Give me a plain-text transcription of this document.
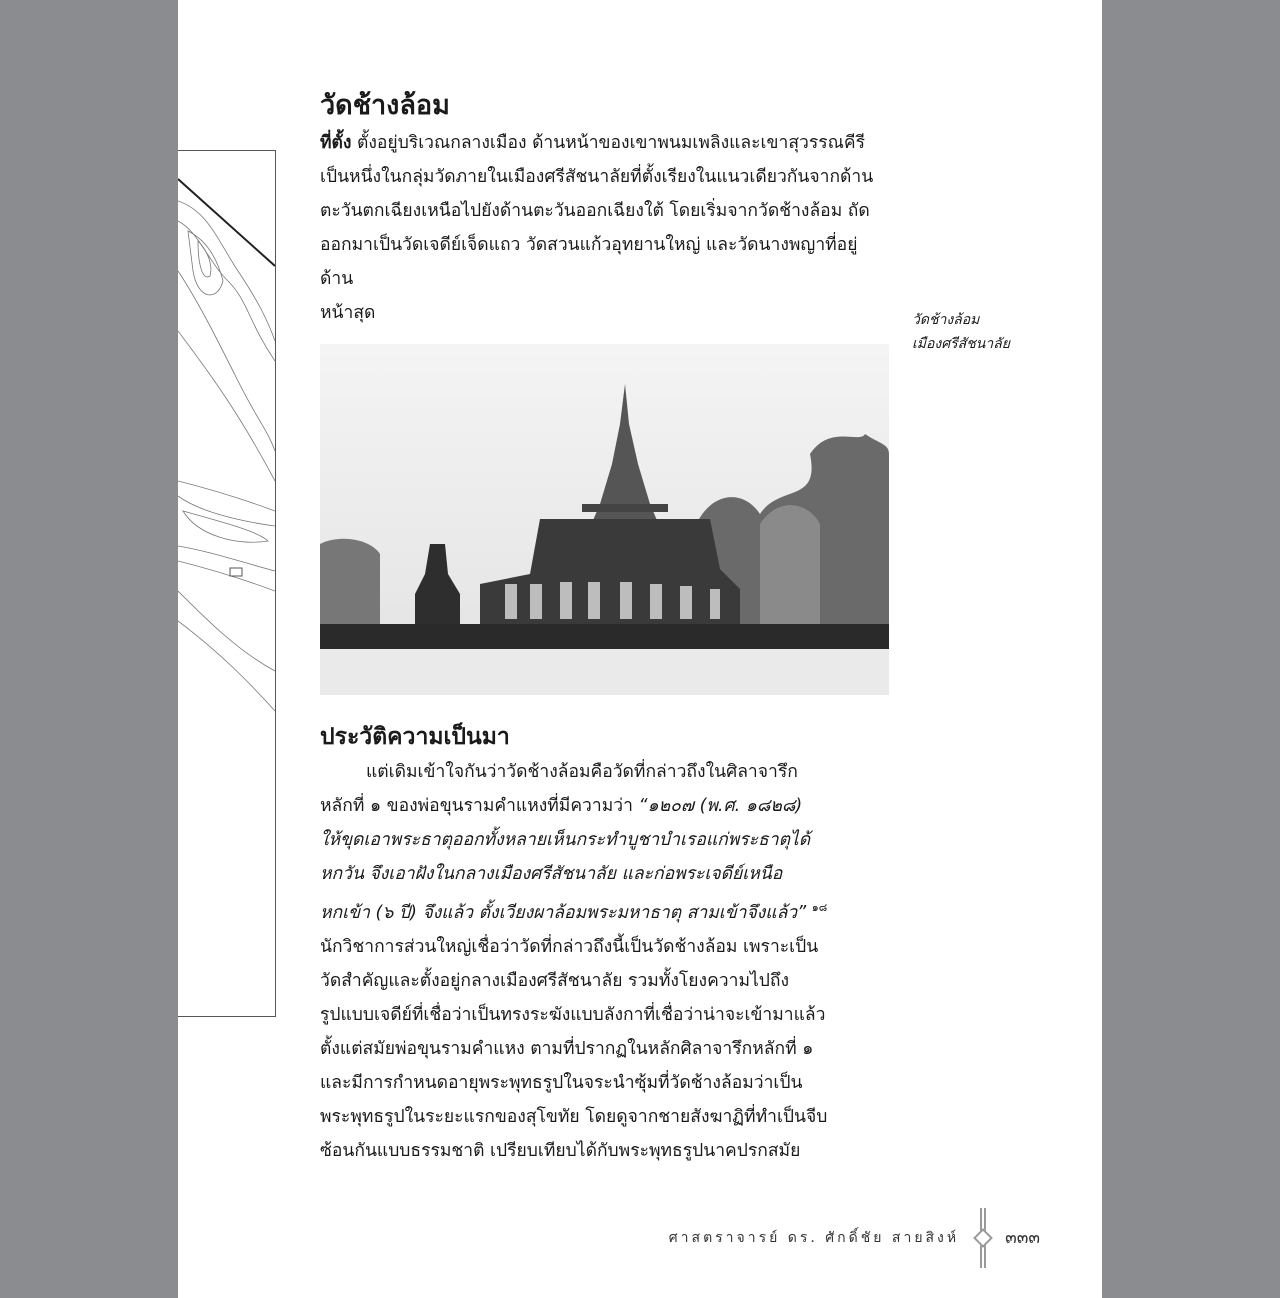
วัดช้างล้อม
ที่ตั้ง ตั้งอยู่บริเวณกลางเมือง ด้านหน้าของเขาพนมเพลิงและเขาสุวรรณคีรี
เป็นหนึ่งในกลุ่มวัดภายในเมืองศรีสัชนาลัยที่ตั้งเรียงในแนวเดียวกันจากด้าน
ตะวันตกเฉียงเหนือไปยังด้านตะวันออกเฉียงใต้ โดยเริ่มจากวัดช้างล้อม ถัด
ออกมาเป็นวัดเจดีย์เจ็ดแถว วัดสวนแก้วอุทยานใหญ่ และวัดนางพญาที่อยู่ด้าน
หน้าสุด
ประวัติความเป็นมา
แต่เดิมเข้าใจกันว่าวัดช้างล้อมคือวัดที่กล่าวถึงในศิลาจารึก
หลักที่ ๑ ของพ่อขุนรามคำแหงที่มีความว่า “๑๒๐๗ (พ.ศ. ๑๘๒๘)
ให้ขุดเอาพระธาตุออกทั้งหลายเห็นกระทำบูชาบำเรอแก่พระธาตุได้
หกวัน จึงเอาฝังในกลางเมืองศรีสัชนาลัย และก่อพระเจดีย์เหนือ
หกเข้า (๖ ปี) จึงแล้ว ตั้งเวียงผาล้อมพระมหาธาตุ สามเข้าจึงแล้ว” $^{๑๘}$
นักวิชาการส่วนใหญ่เชื่อว่าวัดที่กล่าวถึงนี้เป็นวัดช้างล้อม เพราะเป็น
วัดสำคัญและตั้งอยู่กลางเมืองศรีสัชนาลัย รวมทั้งโยงความไปถึง
รูปแบบเจดีย์ที่เชื่อว่าเป็นทรงระฆังแบบลังกาที่เชื่อว่าน่าจะเข้ามาแล้ว
ตั้งแต่สมัยพ่อขุนรามคำแหง ตามที่ปรากฏในหลักศิลาจารึกหลักที่ ๑
และมีการกำหนดอายุพระพุทธรูปในจระนำซุ้มที่วัดช้างล้อมว่าเป็น
พระพุทธรูปในระยะแรกของสุโขทัย โดยดูจากชายสังฆาฏิที่ทำเป็นจีบ
ซ้อนกันแบบธรรมชาติ เปรียบเทียบได้กับพระพุทธรูปนาคปรกสมัย
ศาสตราจารย์ ดร. ศักดิ์ชัย สายสิงห์	๓๓๓
วัดช้างล้อม
เมืองศรีสัชนาลัย
